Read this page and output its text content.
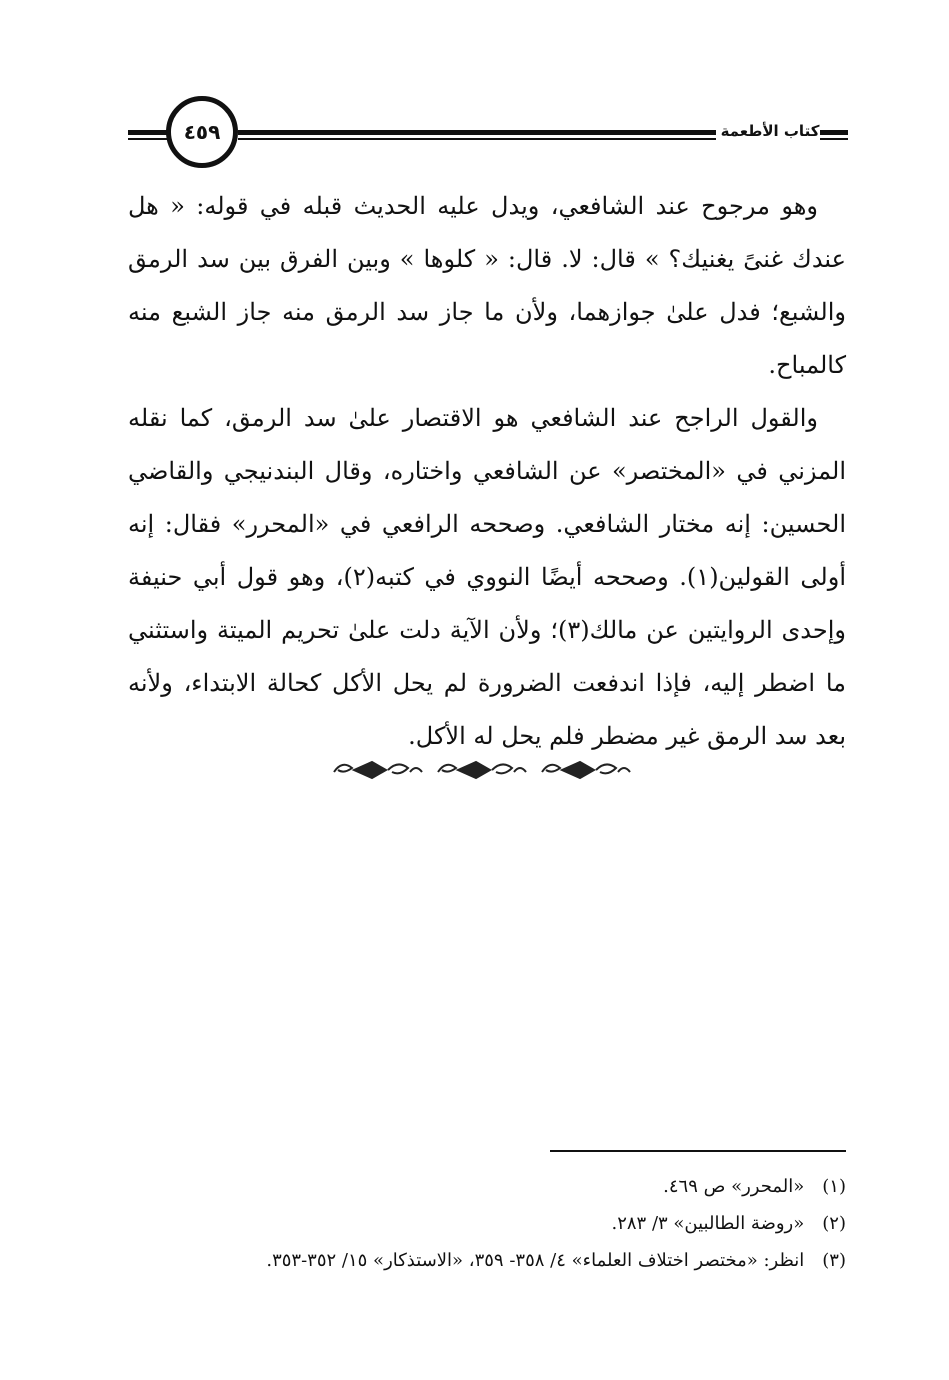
٤٥٩	كتاب الأطعمة

وهو مرجوح عند الشافعي، ويدل عليه الحديث قبله في قوله: « هل عندك غنىً يغنيك؟ » قال: لا. قال: « كلوها » وبين الفرق بين سد الرمق والشبع؛ فدل علىٰ جوازهما، ولأن ما جاز سد الرمق منه جاز الشبع منه كالمباح.

والقول الراجح عند الشافعي هو الاقتصار علىٰ سد الرمق، كما نقله المزني في «المختصر» عن الشافعي واختاره، وقال البندنيجي والقاضي الحسين: إنه مختار الشافعي. وصححه الرافعي في «المحرر» فقال: إنه أولى القولين(١). وصححه أيضًا النووي في كتبه(٢)، وهو قول أبي حنيفة وإحدى الروايتين عن مالك(٣)؛ ولأن الآية دلت علىٰ تحريم الميتة واستثني ما اضطر إليه، فإذا اندفعت الضرورة لم يحل الأكل كحالة الابتداء، ولأنه بعد سد الرمق غير مضطر فلم يحل له الأكل.

(١) «المحرر» ص ٤٦٩.

(٢) «روضة الطالبين» ٣/ ٢٨٣.

(٣) انظر: «مختصر اختلاف العلماء» ٤/ ٣٥٨- ٣٥٩، «الاستذكار» ١٥/ ٣٥٢-٣٥٣.
